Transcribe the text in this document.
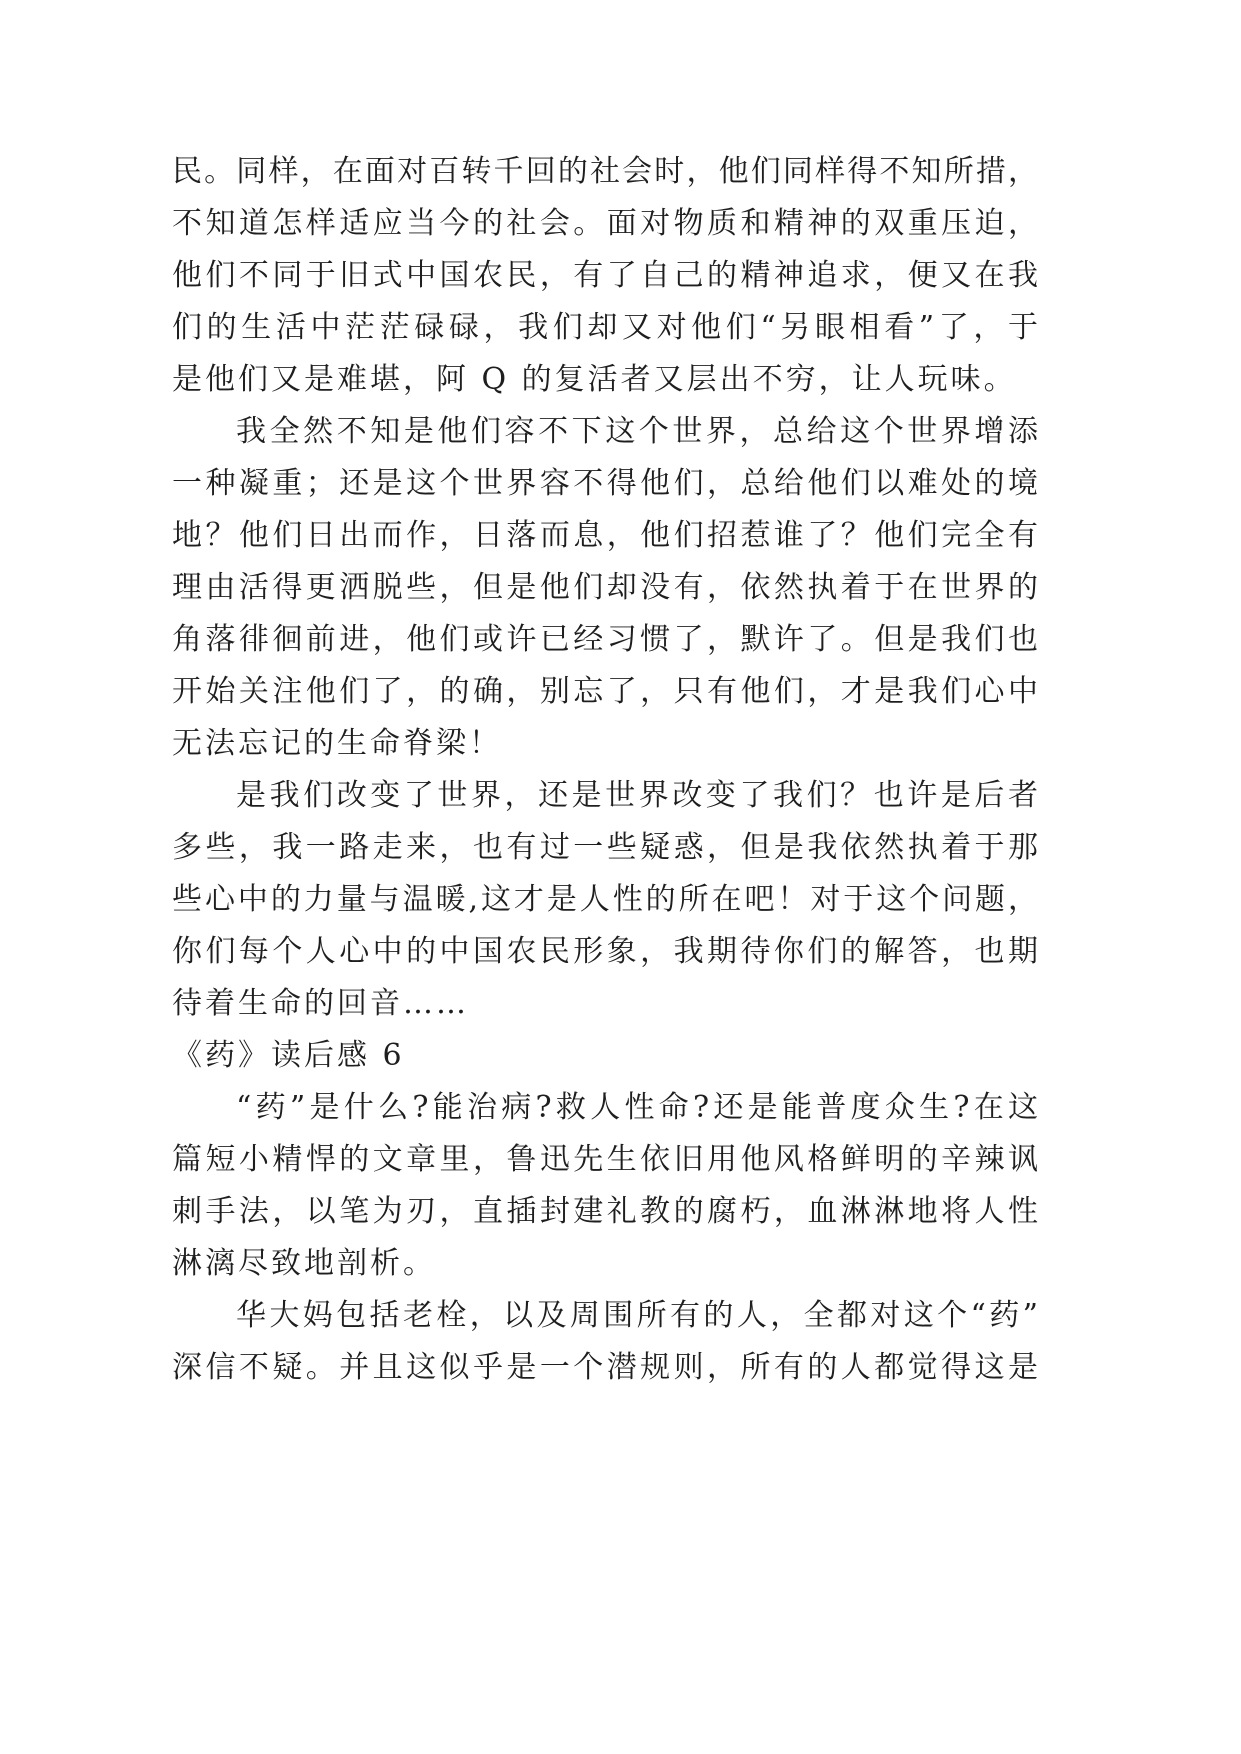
民。同样，在面对百转千回的社会时，他们同样得不知所措，
不知道怎样适应当今的社会。面对物质和精神的双重压迫，
他们不同于旧式中国农民，有了自己的精神追求，便又在我
们的生活中茫茫碌碌，我们却又对他们“另眼相看”了，于
是他们又是难堪，阿 Q 的复活者又层出不穷，让人玩味。
我全然不知是他们容不下这个世界，总给这个世界增添
一种凝重；还是这个世界容不得他们，总给他们以难处的境
地？他们日出而作，日落而息，他们招惹谁了？他们完全有
理由活得更洒脱些，但是他们却没有，依然执着于在世界的
角落徘徊前进，他们或许已经习惯了，默许了。但是我们也
开始关注他们了，的确，别忘了，只有他们，才是我们心中
无法忘记的生命脊梁！
是我们改变了世界，还是世界改变了我们？也许是后者
多些，我一路走来，也有过一些疑惑，但是我依然执着于那
些心中的力量与温暖,这才是人性的所在吧！对于这个问题，
你们每个人心中的中国农民形象，我期待你们的解答，也期
待着生命的回音……
《药》读后感 6
“药”是什么?能治病?救人性命?还是能普度众生?在这
篇短小精悍的文章里，鲁迅先生依旧用他风格鲜明的辛辣讽
刺手法，以笔为刃，直插封建礼教的腐朽，血淋淋地将人性
淋漓尽致地剖析。
华大妈包括老栓，以及周围所有的人，全都对这个“药”
深信不疑。并且这似乎是一个潜规则，所有的人都觉得这是
